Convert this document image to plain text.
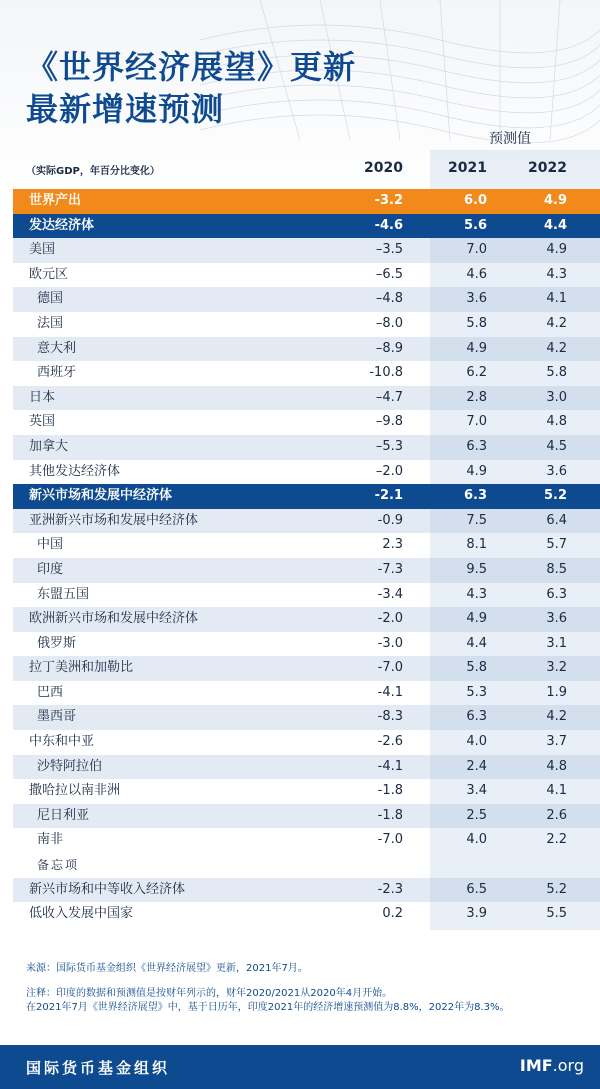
《世界经济展望》更新
最新增速预测
预测值
（实际GDP，年百分比变化）	2020	2021	2022
世界产出	-3.2	6.0	4.9
发达经济体	-4.6	5.6	4.4
美国	–3.5	7.0	4.9
欧元区	–6.5	4.6	4.3
德国	–4.8	3.6	4.1
法国	–8.0	5.8	4.2
意大利	–8.9	4.9	4.2
西班牙	-10.8	6.2	5.8
日本	–4.7	2.8	3.0
英国	–9.8	7.0	4.8
加拿大	–5.3	6.3	4.5
其他发达经济体	–2.0	4.9	3.6
新兴市场和发展中经济体	-2.1	6.3	5.2
亚洲新兴市场和发展中经济体	-0.9	7.5	6.4
中国	2.3	8.1	5.7
印度	-7.3	9.5	8.5
东盟五国	-3.4	4.3	6.3
欧洲新兴市场和发展中经济体	-2.0	4.9	3.6
俄罗斯	-3.0	4.4	3.1
拉丁美洲和加勒比	-7.0	5.8	3.2
巴西	-4.1	5.3	1.9
墨西哥	-8.3	6.3	4.2
中东和中亚	-2.6	4.0	3.7
沙特阿拉伯	-4.1	2.4	4.8
撒哈拉以南非洲	-1.8	3.4	4.1
尼日利亚	-1.8	2.5	2.6
南非	-7.0	4.0	2.2
备忘项
新兴市场和中等收入经济体	-2.3	6.5	5.2
低收入发展中国家	0.2	3.9	5.5
来源：国际货币基金组织《世界经济展望》更新，2021年7月。
注释：印度的数据和预测值是按财年列示的，财年2020/2021从2020年4月开始。
在2021年7月《世界经济展望》中，基于日历年，印度2021年的经济增速预测值为8.8%，2022年为8.3%。
国际货币基金组织	IMF.org
